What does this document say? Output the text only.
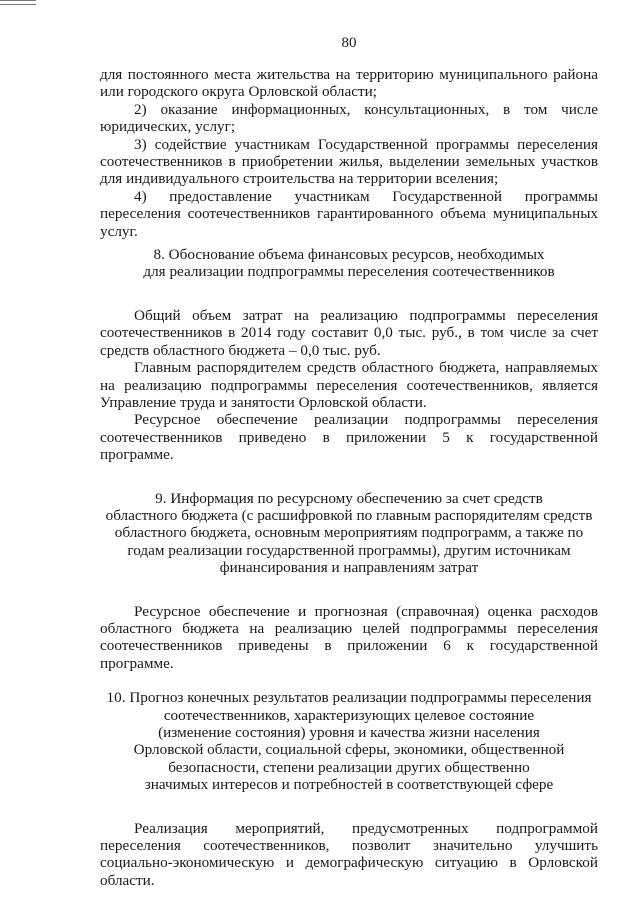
80

для постоянного места жительства на территорию муниципального района или городского округа Орловской области;

2) оказание информационных, консультационных, в том числе юридических, услуг;

3) содействие участникам Государственной программы переселения соотечественников в приобретении жилья, выделении земельных участков для индивидуального строительства на территории вселения;

4) предоставление участникам Государственной программы переселения соотечественников гарантированного объема муниципальных услуг.

8. Обоснование объема финансовых ресурсов, необходимых
для реализации подпрограммы переселения соотечественников

Общий объем затрат на реализацию подпрограммы переселения соотечественников в 2014 году составит 0,0 тыс. руб., в том числе за счет средств областного бюджета – 0,0 тыс. руб.

Главным распорядителем средств областного бюджета, направляемых на реализацию подпрограммы переселения соотечественников, является Управление труда и занятости Орловской области.

Ресурсное обеспечение реализации подпрограммы переселения соотечественников приведено в приложении 5 к государственной программе.

9. Информация по ресурсному обеспечению за счет средств
областного бюджета (с расшифровкой по главным распорядителям средств
областного бюджета, основным мероприятиям подпрограмм, а также по
годам реализации государственной программы), другим источникам
финансирования и направлениям затрат

Ресурсное обеспечение и прогнозная (справочная) оценка расходов областного бюджета на реализацию целей подпрограммы переселения соотечественников приведены в приложении 6 к государственной программе.

10. Прогноз конечных результатов реализации подпрограммы переселения
соотечественников, характеризующих целевое состояние
(изменение состояния) уровня и качества жизни населения
Орловской области, социальной сферы, экономики, общественной
безопасности, степени реализации других общественно
значимых интересов и потребностей в соответствующей сфере

Реализация мероприятий, предусмотренных подпрограммой переселения соотечественников, позволит значительно улучшить социально-экономическую и демографическую ситуацию в Орловской области.
